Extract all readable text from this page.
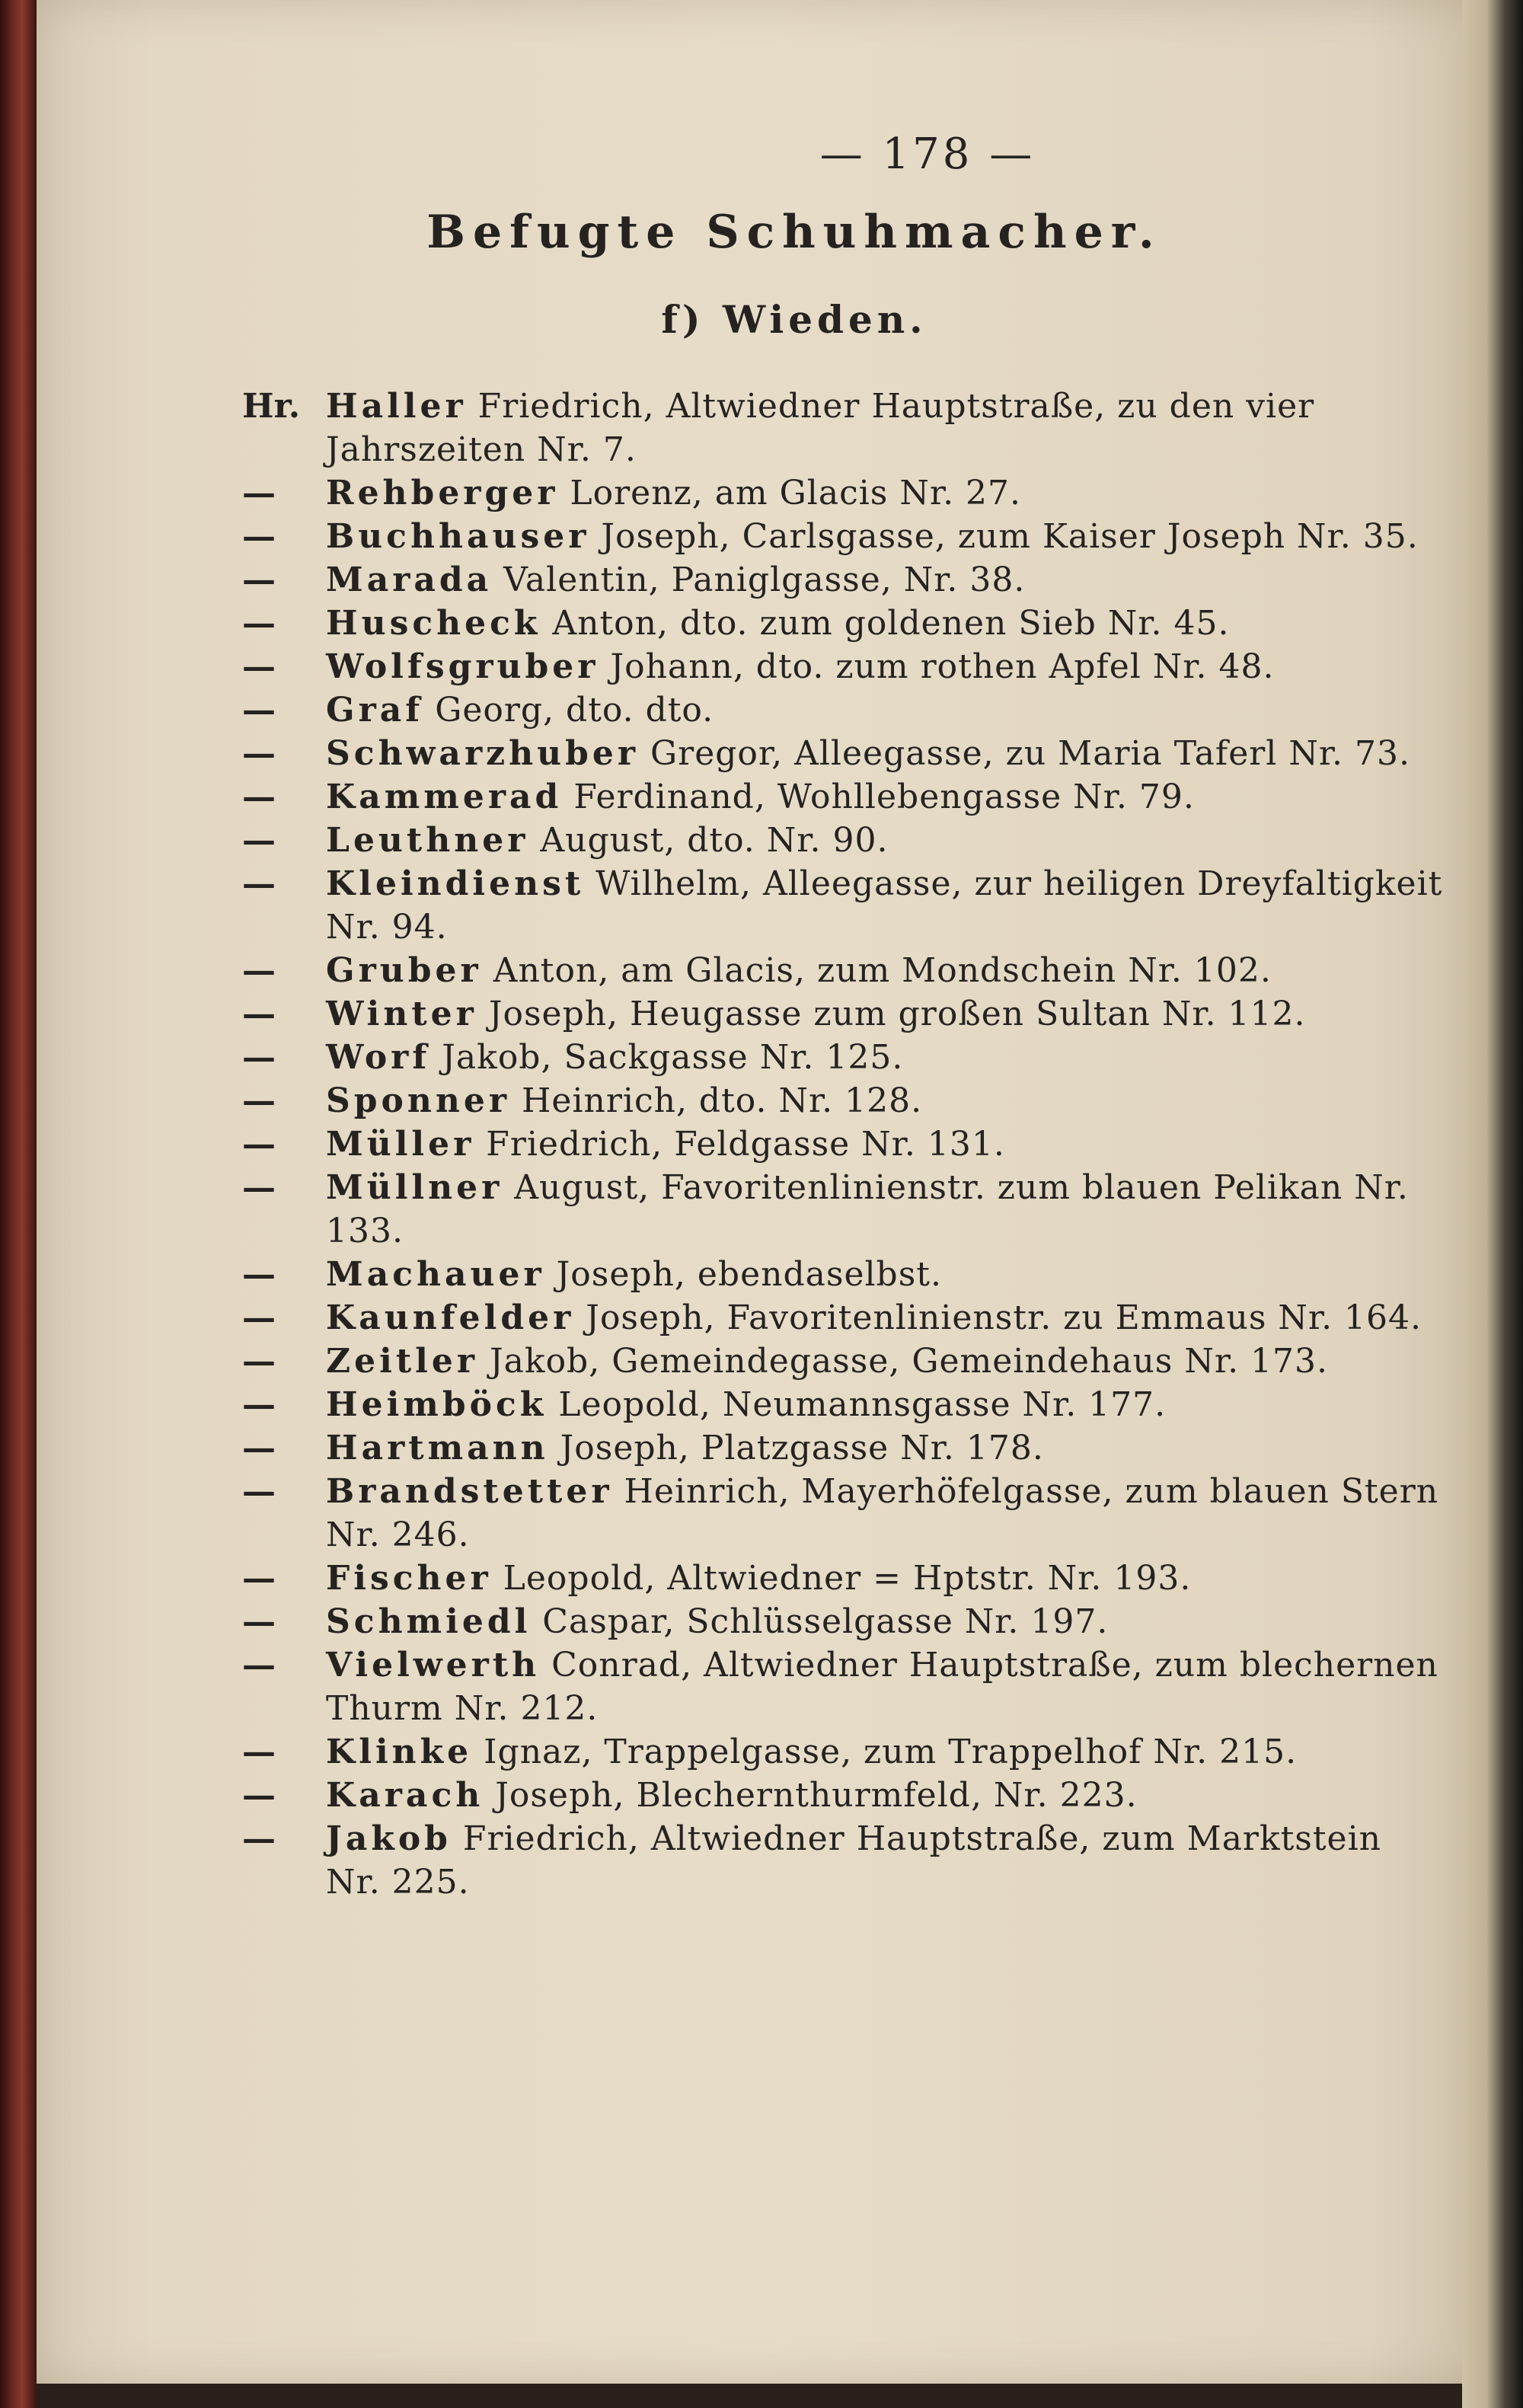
— 178 —
Befugte Schuhmacher.
f) Wieden.
Hr. Haller Friedrich, Altwiedner Hauptstraße, zu den vier Jahrszeiten Nr. 7.
—	Rehberger Lorenz, am Glacis Nr. 27.
—	Buchhauser Joseph, Carlsgasse, zum Kaiser Joseph Nr. 35.
—	Marada Valentin, Paniglgasse, Nr. 38.
—	Huscheck Anton, dto. zum goldenen Sieb Nr. 45.
—	Wolfsgruber Johann, dto. zum rothen Apfel Nr. 48.
—	Graf Georg, dto. dto.
—	Schwarzhuber Gregor, Alleegasse, zu Maria Taferl Nr. 73.
—	Kammerad Ferdinand, Wohllebengasse Nr. 79.
—	Leuthner August, dto. Nr. 90.
—	Kleindienst Wilhelm, Alleegasse, zur heiligen Dreyfaltigkeit Nr. 94.
—	Gruber Anton, am Glacis, zum Mondschein Nr. 102.
—	Winter Joseph, Heugasse zum großen Sultan Nr. 112.
—	Worf Jakob, Sackgasse Nr. 125.
—	Sponner Heinrich, dto. Nr. 128.
—	Müller Friedrich, Feldgasse Nr. 131.
—	Müllner August, Favoritenlinienstr. zum blauen Pelikan Nr. 133.
—	Machauer Joseph, ebendaselbst.
—	Kaunfelder Joseph, Favoritenlinienstr. zu Emmaus Nr. 164.
—	Zeitler Jakob, Gemeindegasse, Gemeindehaus Nr. 173.
—	Heimböck Leopold, Neumannsgasse Nr. 177.
—	Hartmann Joseph, Platzgasse Nr. 178.
—	Brandstetter Heinrich, Mayerhöfelgasse, zum blauen Stern Nr. 246.
—	Fischer Leopold, Altwiedner = Hptstr. Nr. 193.
—	Schmiedl Caspar, Schlüsselgasse Nr. 197.
—	Vielwerth Conrad, Altwiedner Hauptstraße, zum blechernen Thurm Nr. 212.
—	Klinke Ignaz, Trappelgasse, zum Trappelhof Nr. 215.
—	Karach Joseph, Blechernthurmfeld, Nr. 223.
—	Jakob Friedrich, Altwiedner Hauptstraße, zum Marktstein Nr. 225.
